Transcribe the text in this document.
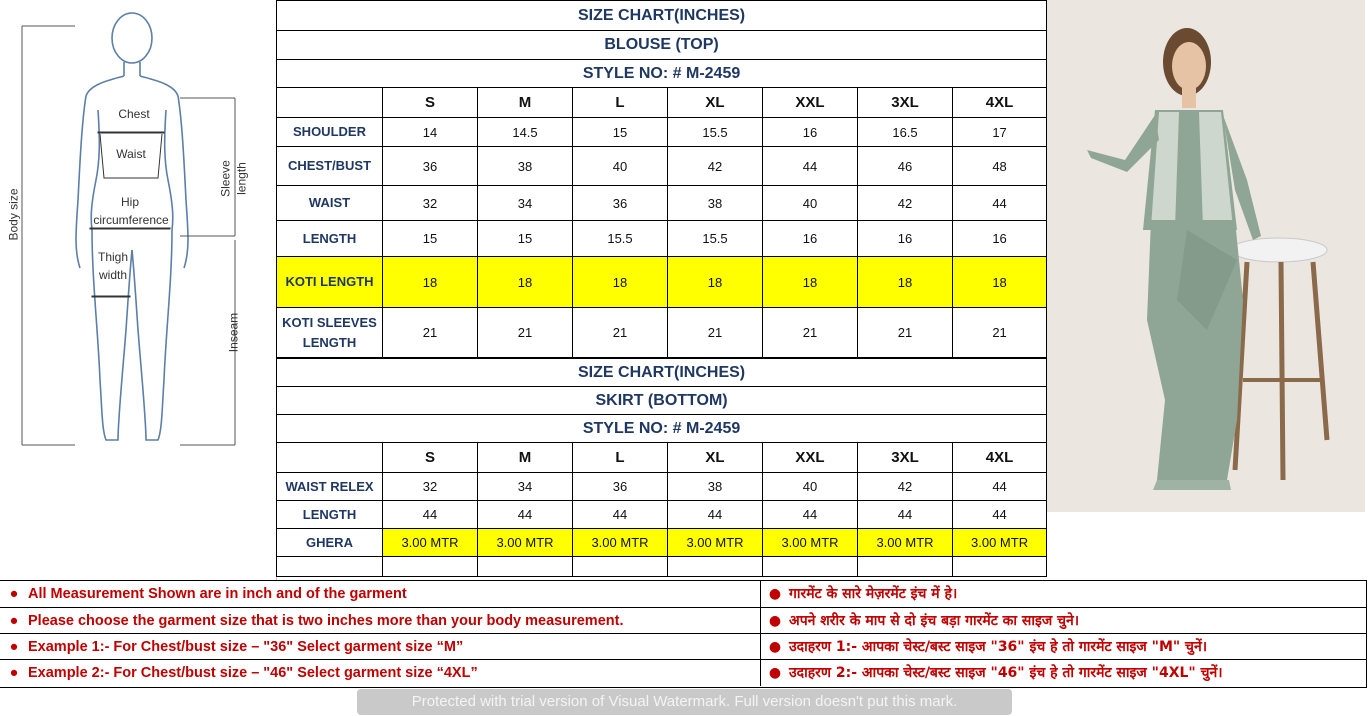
Chest
Waist
Hip
circumference
Thigh
width
Body size
Sleeve length
Inseam
SIZE CHART(INCHES)							
BLOUSE (TOP)							
STYLE NO: # M-2459							
	S	M	L	XL	XXL	3XL	4XL
SHOULDER	14	14.5	15	15.5	16	16.5	17
CHEST/BUST	36	38	40	42	44	46	48
WAIST	32	34	36	38	40	42	44
LENGTH	15	15	15.5	15.5	16	16	16
KOTI LENGTH	18	18	18	18	18	18	18
KOTI SLEEVES LENGTH	21	21	21	21	21	21	21
SIZE CHART(INCHES)							
SKIRT (BOTTOM)							
STYLE NO: # M-2459							
	S	M	L	XL	XXL	3XL	4XL
WAIST RELEX	32	34	36	38	40	42	44
LENGTH	44	44	44	44	44	44	44
GHERA	3.00 MTR	3.00 MTR	3.00 MTR	3.00 MTR	3.00 MTR	3.00 MTR	3.00 MTR

● All Measurement Shown are in inch and of the garment	● गारमेंट के सारे मेज़रमेंट इंच में हे।
● Please choose the garment size that is two inches more than your body measurement.	● अपने शरीर के माप से दो इंच बड़ा गारमेंट का साइज चुने।
● Example 1:- For Chest/bust size – "36" Select garment size “M”	● उदाहरण 1:- आपका चेस्ट/बस्ट साइज "36" इंच हे तो गारमेंट साइज "M" चुनें।
● Example 2:- For Chest/bust size – "46" Select garment size “4XL”	● उदाहरण 2:- आपका चेस्ट/बस्ट साइज "46" इंच हे तो गारमेंट साइज "4XL" चुनें।
Protected with trial version of Visual Watermark. Full version doesn't put this mark.
